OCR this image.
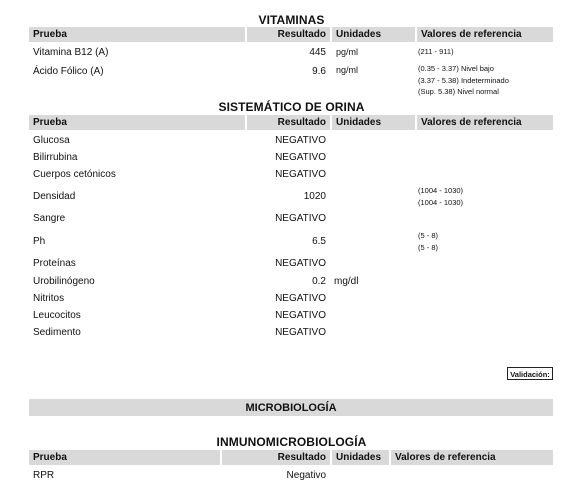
VITAMINAS
Prueba	Resultado	Unidades	Valores de referencia
Vitamina B12 (A)	445 pg/ml	(211 - 911)
Ácido Fólico (A)	9.6 ng/ml	(0.35 - 3.37) Nivel bajo
(3.37 - 5.38) Indeterminado
(Sup. 5.38) Nivel normal
SISTEMÁTICO DE ORINA
Prueba	Resultado	Unidades	Valores de referencia
Glucosa	NEGATIVO
Bilirrubina	NEGATIVO
Cuerpos cetónicos	NEGATIVO
Densidad	1020
(1004 - 1030)
(1004 - 1030)
Sangre	NEGATIVO
Ph	6.5
(5 - 8)
(5 - 8)
Proteínas	NEGATIVO
Urobilinógeno	0.2 mg/dl
Nitritos	NEGATIVO
Leucocitos	NEGATIVO
Sedimento	NEGATIVO
Validación:
MICROBIOLOGÍA
INMUNOMICROBIOLOGÍA
Prueba	Resultado	Unidades	Valores de referencia
RPR	Negativo
